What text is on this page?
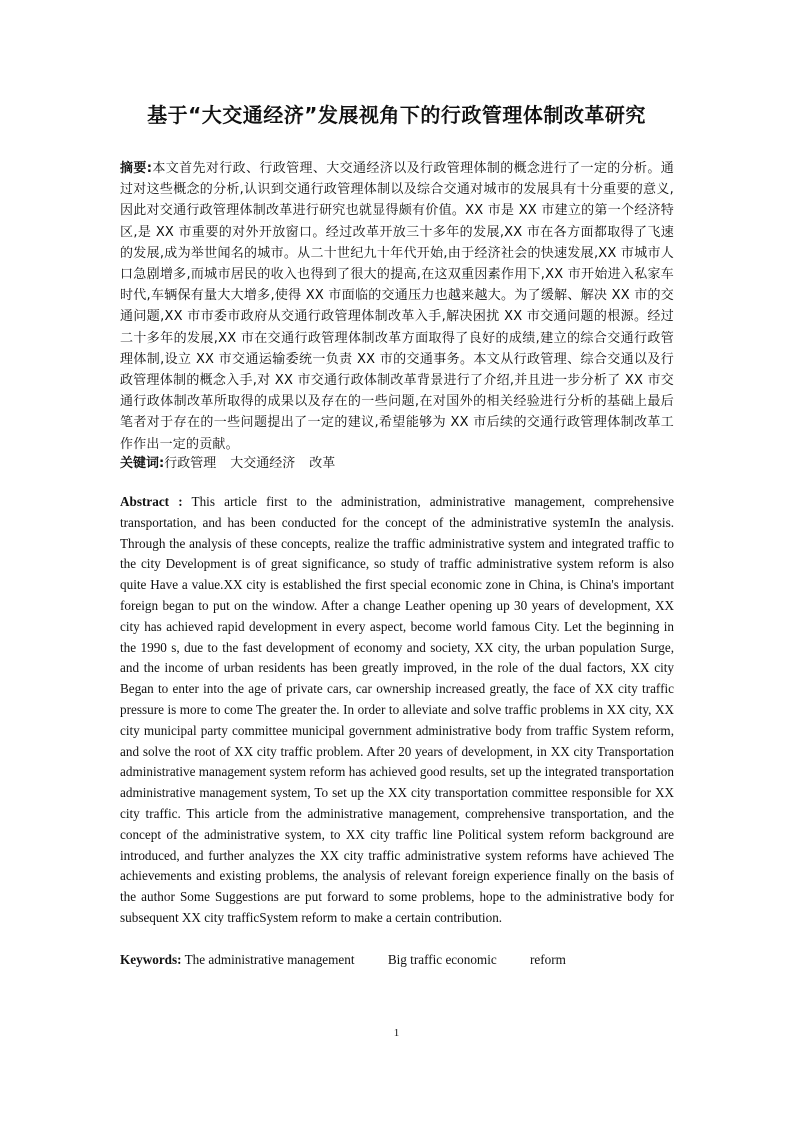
基于“大交通经济”发展视角下的行政管理体制改革研究
摘要:本文首先对行政、行政管理、大交通经济以及行政管理体制的概念进行了一定的分析。通过对这些概念的分析,认识到交通行政管理体制以及综合交通对城市的发展具有十分重要的意义,因此对交通行政管理体制改革进行研究也就显得颇有价值。XX 市是 XX 市建立的第一个经济特区,是 XX 市重要的对外开放窗口。经过改革开放三十多年的发展,XX 市在各方面都取得了飞速的发展,成为举世闻名的城市。从二十世纪九十年代开始,由于经济社会的快速发展,XX 市城市人口急剧增多,而城市居民的收入也得到了很大的提高,在这双重因素作用下,XX 市开始进入私家车时代,车辆保有量大大增多,使得 XX 市面临的交通压力也越来越大。为了缓解、解决 XX 市的交通问题,XX 市市委市政府从交通行政管理体制改革入手,解决困扰 XX 市交通问题的根源。经过二十多年的发展,XX 市在交通行政管理体制改革方面取得了良好的成绩,建立的综合交通行政管理体制,设立 XX 市交通运输委统一负责 XX 市的交通事务。本文从行政管理、综合交通以及行政管理体制的概念入手,对 XX 市交通行政体制改革背景进行了介绍,并且进一步分析了 XX 市交通行政体制改革所取得的成果以及存在的一些问题,在对国外的相关经验进行分析的基础上最后笔者对于存在的一些问题提出了一定的建议,希望能够为 XX 市后续的交通行政管理体制改革工作作出一定的贡献。
关键词:行政管理 大交通经济 改革
Abstract : This article first to the administration, administrative management, comprehensive transportation, and has been conducted for the concept of the administrative systemIn the analysis. Through the analysis of these concepts, realize the traffic administrative system and integrated traffic to the city Development is of great significance, so study of traffic administrative system reform is also quite Have a value.XX city is established the first special economic zone in China, is China's important foreign began to put on the window. After a change Leather opening up 30 years of development, XX city has achieved rapid development in every aspect, become world famous City. Let the beginning in the 1990 s, due to the fast development of economy and society, XX city, the urban population Surge, and the income of urban residents has been greatly improved, in the role of the dual factors, XX city Began to enter into the age of private cars, car ownership increased greatly, the face of XX city traffic pressure is more to come The greater the. In order to alleviate and solve traffic problems in XX city, XX city municipal party committee municipal government administrative body from traffic System reform, and solve the root of XX city traffic problem. After 20 years of development, in XX city Transportation administrative management system reform has achieved good results, set up the integrated transportation administrative management system, To set up the XX city transportation committee responsible for XX city traffic. This article from the administrative management, comprehensive transportation, and the concept of the administrative system, to XX city traffic line Political system reform background are introduced, and further analyzes the XX city traffic administrative system reforms have achieved The achievements and existing problems, the analysis of relevant foreign experience finally on the basis of the author Some Suggestions are put forward to some problems, hope to the administrative body for subsequent XX city trafficSystem reform to make a certain contribution.
Keywords: The administrative management	Big traffic economic	reform
1
